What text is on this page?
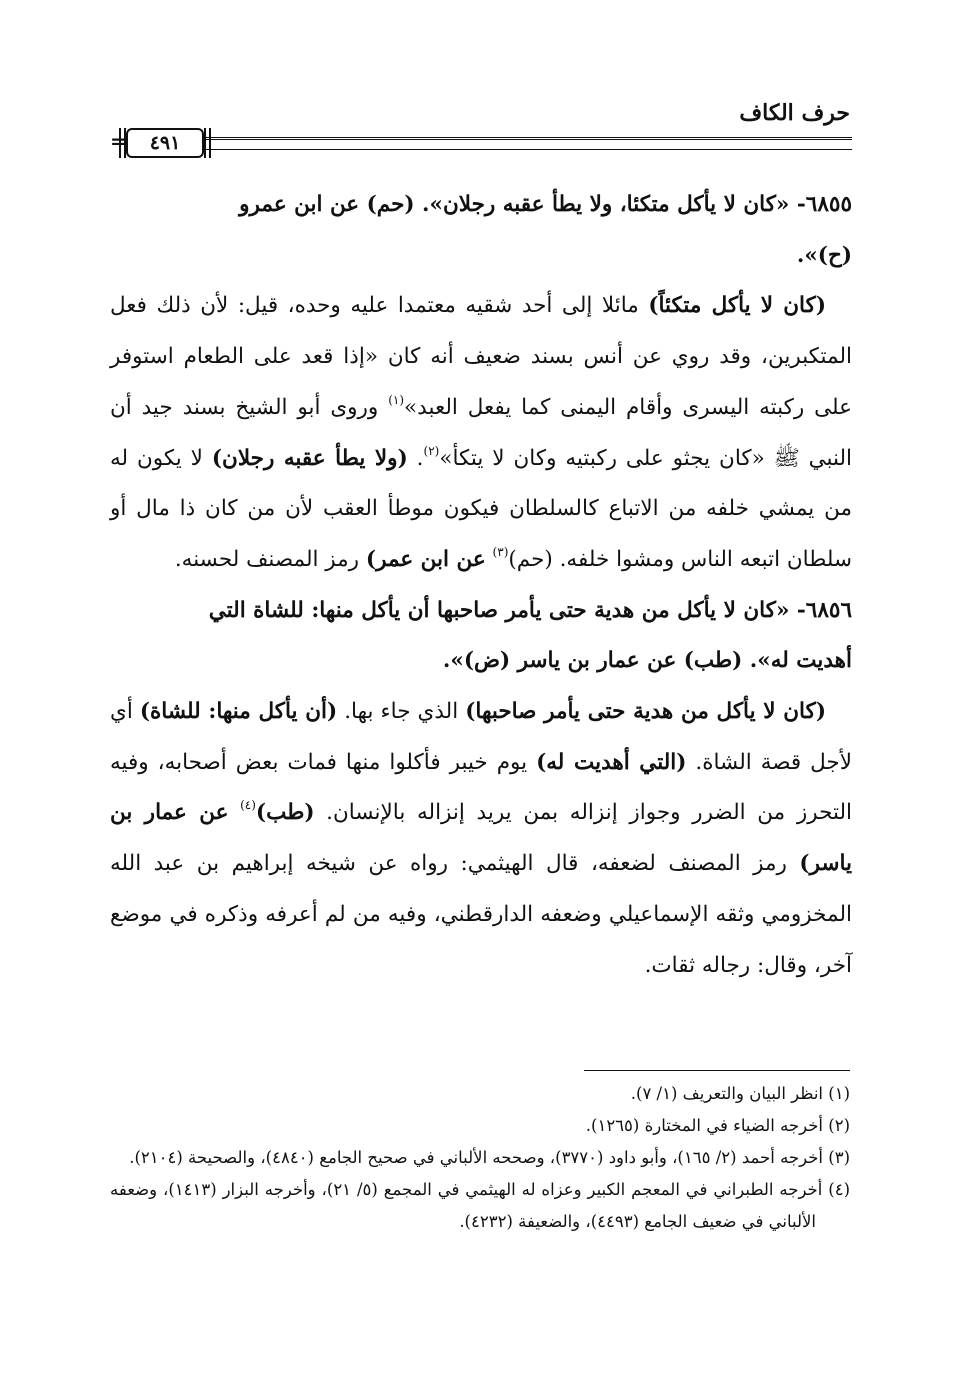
حرف الكاف
٤٩١
=

٦٨٥٥- «كان لا يأكل متكئا، ولا يطأ عقبه رجلان». (حم) عن ابن عمرو
(ح)».

(كان لا يأكل متكئاً) مائلا إلى أحد شقيه معتمدا عليه وحده، قيل: لأن ذلك فعل المتكبرين، وقد روي عن أنس بسند ضعيف أنه كان «إذا قعد على الطعام استوفر على ركبته اليسرى وأقام اليمنى كما يفعل العبد»$^{(١)}$ وروى أبو الشيخ بسند جيد أن النبي ﷺ «كان يجثو على ركبتيه وكان لا يتكأ»$^{(٢)}$. (ولا يطأ عقبه رجلان) لا يكون له من يمشي خلفه من الاتباع كالسلطان فيكون موطأ العقب لأن من كان ذا مال أو سلطان اتبعه الناس ومشوا خلفه. (حم)$^{(٣)}$ عن ابن عمر) رمز المصنف لحسنه.

٦٨٥٦- «كان لا يأكل من هدية حتى يأمر صاحبها أن يأكل منها: للشاة التي
أهديت له». (طب) عن عمار بن ياسر (ض)».

(كان لا يأكل من هدية حتى يأمر صاحبها) الذي جاء بها. (أن يأكل منها: للشاة) أي لأجل قصة الشاة. (التي أهديت له) يوم خيبر فأكلوا منها فمات بعض أصحابه، وفيه التحرز من الضرر وجواز إنزاله بمن يريد إنزاله بالإنسان. (طب)$^{(٤)}$ عن عمار بن ياسر) رمز المصنف لضعفه، قال الهيثمي: رواه عن شيخه إبراهيم بن عبد الله المخزومي وثقه الإسماعيلي وضعفه الدارقطني، وفيه من لم أعرفه وذكره في موضع آخر، وقال: رجاله ثقات.

(١) انظر البيان والتعريف (١/ ٧).

(٢) أخرجه الضياء في المختارة (١٢٦٥).

(٣) أخرجه أحمد (٢/ ١٦٥)، وأبو داود (٣٧٧٠)، وصححه الألباني في صحيح الجامع (٤٨٤٠)، والصحيحة (٢١٠٤).

(٤) أخرجه الطبراني في المعجم الكبير وعزاه له الهيثمي في المجمع (٥/ ٢١)، وأخرجه البزار (١٤١٣)، وضعفه الألباني في ضعيف الجامع (٤٤٩٣)، والضعيفة (٤٢٣٢).
